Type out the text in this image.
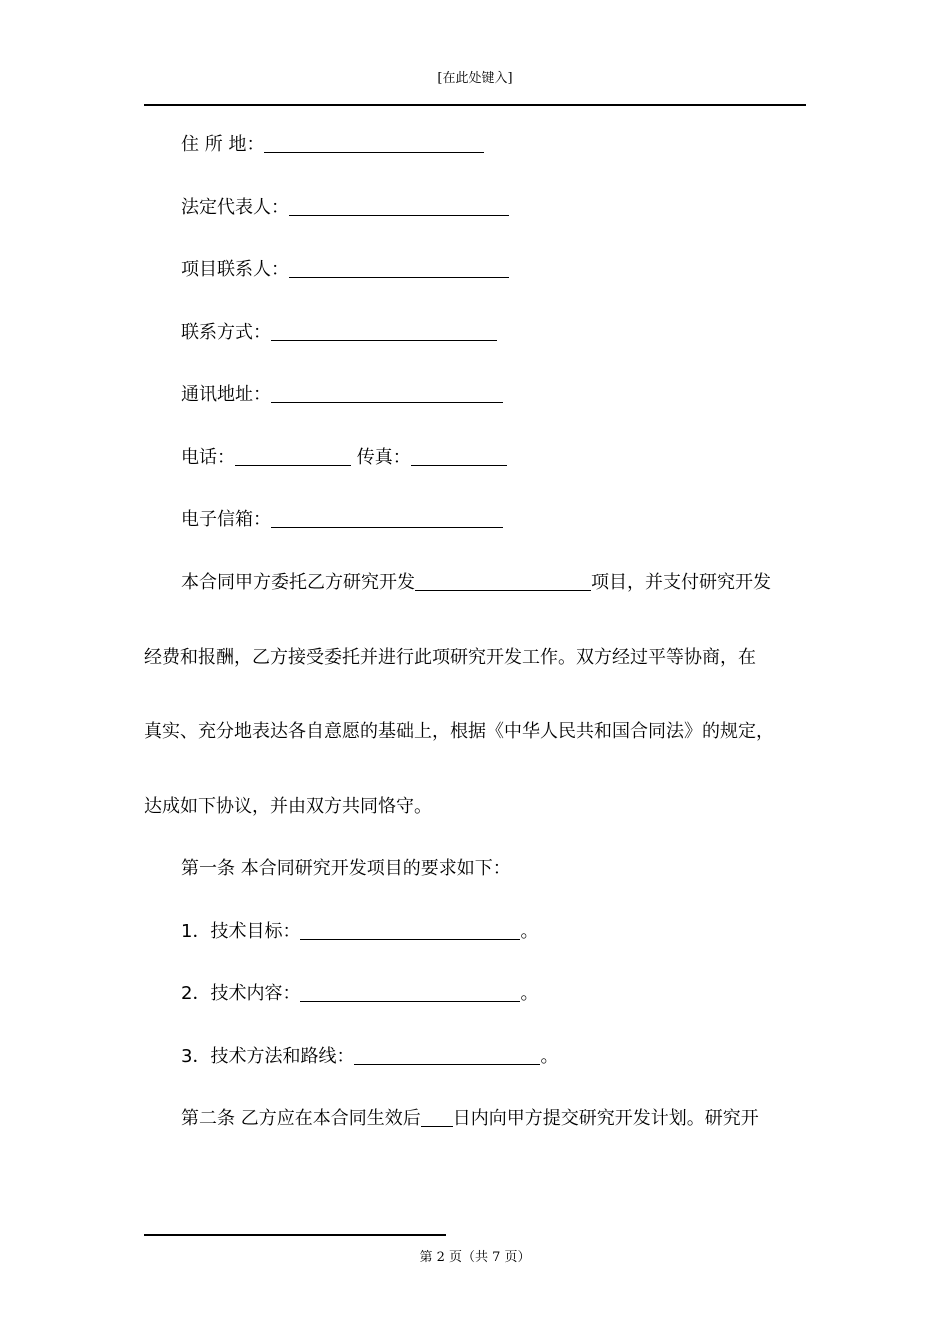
[在此处键入]
住 所 地：
法定代表人：
项目联系人：
联系方式：
通讯地址：
电话：	传真：
电子信箱：
本合同甲方委托乙方研究开发	项目，并支付研究开发
经费和报酬，乙方接受委托并进行此项研究开发工作。双方经过平等协商，在
真实、充分地表达各自意愿的基础上，根据《中华人民共和国合同法》的规定，
达成如下协议，并由双方共同恪守。
第一条 本合同研究开发项目的要求如下：
1．技术目标：	。
2．技术内容：	。
3．技术方法和路线：	。
第二条 乙方应在本合同生效后 日内向甲方提交研究开发计划。研究开
第 2 页（共 7 页）
